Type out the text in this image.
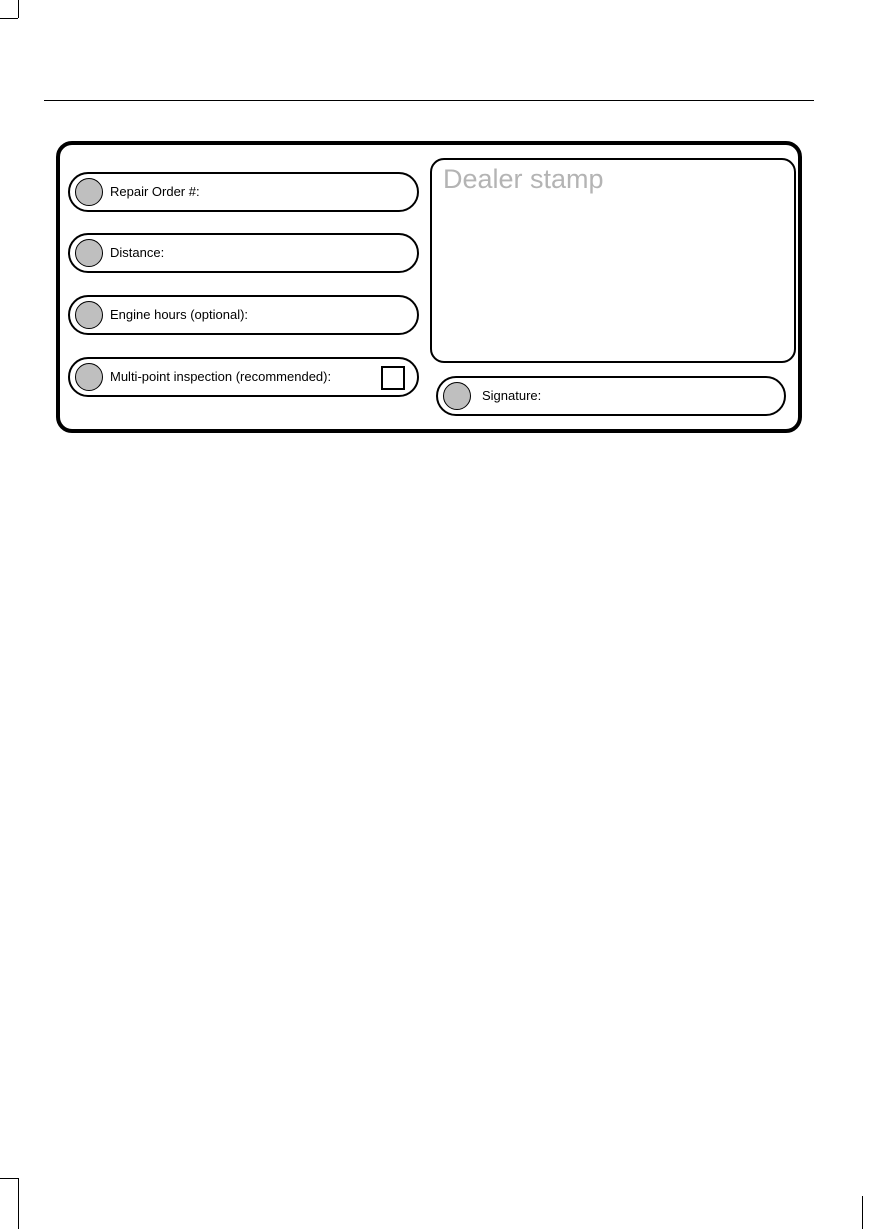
Repair Order #:
Distance:
Engine hours (optional):
Multi-point inspection (recommended):
Dealer stamp
Signature:
